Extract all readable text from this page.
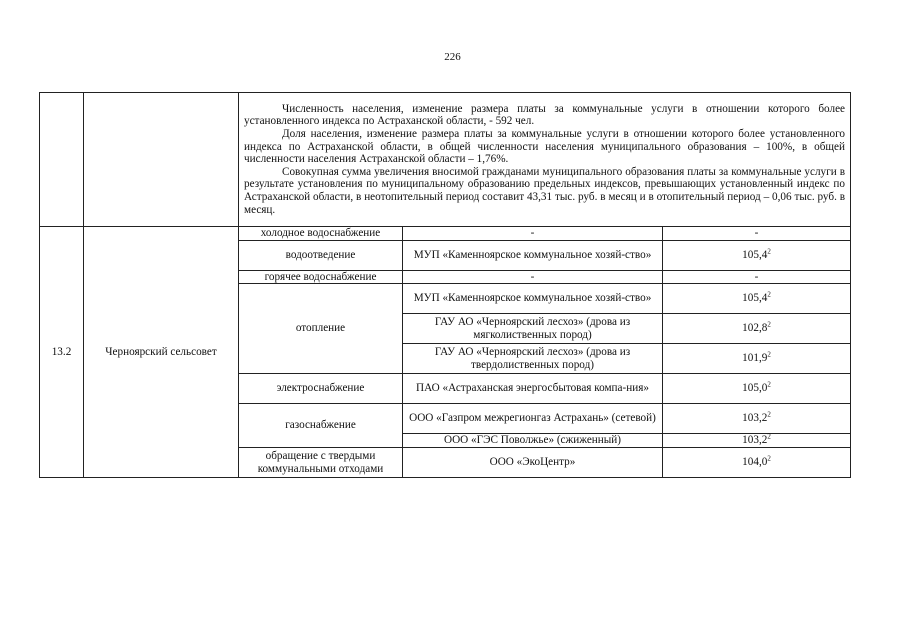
226

		Численность населения, изменение размера платы за коммунальные услуги в отношении которого более установленного индекса по Астраханской области, - 592 чел.

Доля населения, изменение размера платы за коммунальные услуги в отношении которого более установленного индекса по Астраханской области, в общей численности населения муниципального образования – 100%, в общей численности населения Астраханской области – 1,76%.

Совокупная сумма увеличения вносимой гражданами муниципального образования платы за коммунальные услуги в результате установления по муниципальному образованию предельных индексов, превышающих установленный индекс по Астраханской области, в неотопительный период составит 43,31 тыс. руб. в месяц и в отопительный период – 0,06 тыс. руб. в месяц.		

13.2	Черноярский сельсовет	холодное водоснабжение	-	-
		водоотведение	МУП «Каменноярское коммунальное хозяй-ство»	105,4$^2$
		горячее водоснабжение	-	-
		отопление	МУП «Каменноярское коммунальное хозяй-ство»	105,4$^2$
			ГАУ АО «Черноярский лесхоз» (дрова из мягколиственных пород)	102,8$^2$
			ГАУ АО «Черноярский лесхоз» (дрова из твердолиственных пород)	101,9$^2$
		электроснабжение	ПАО «Астраханская энергосбытовая компа-ния»	105,0$^2$
		газоснабжение	ООО «Газпром межрегионгаз Астрахань» (сетевой)	103,2$^2$
			ООО «ГЭС Поволжье» (сжиженный)	103,2$^2$
		обращение с твердыми коммунальными отходами	ООО «ЭкоЦентр»	104,0$^2$
